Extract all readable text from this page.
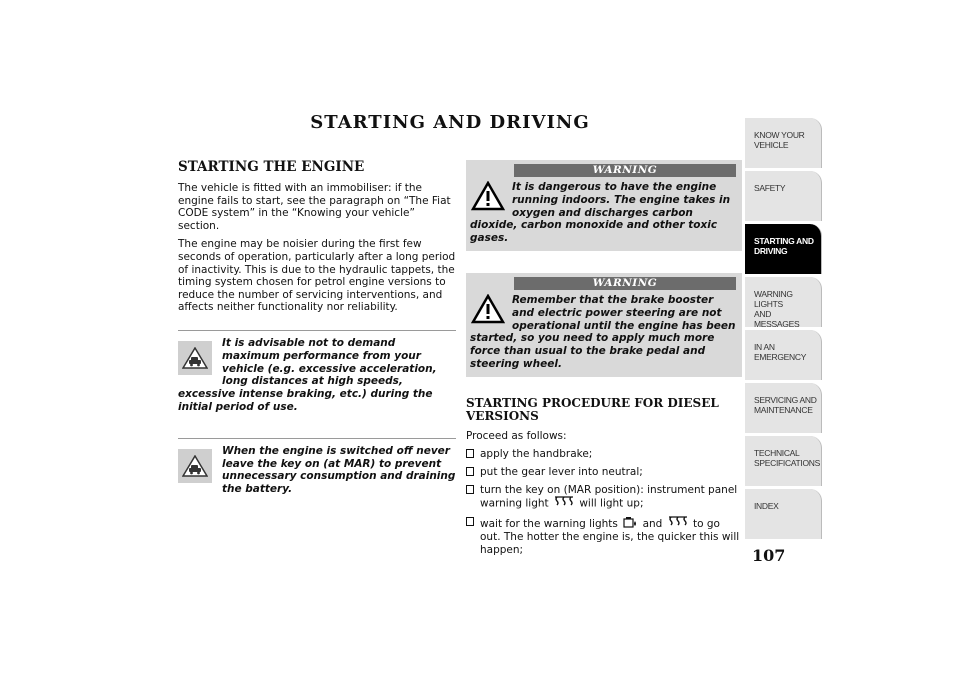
STARTING AND DRIVING
STARTING THE ENGINE

The vehicle is fitted with an immobiliser: if the engine fails to start, see the paragraph on “The Fiat CODE system” in the “Knowing your vehicle” section.

The engine may be noisier during the first few seconds of operation, particularly after a long period of inactivity. This is due to the hydraulic tappets, the timing system chosen for petrol engine versions to reduce the number of servicing interventions, and affects neither functionality nor reliability.

It is advisable not to demand maximum performance from your vehicle (e.g. excessive acceleration, long distances at high speeds, excessive intense braking, etc.) during the initial period of use.

When the engine is switched off never leave the key on (at MAR) to prevent unnecessary consumption and draining the battery.

WARNING

It is dangerous to have the engine running indoors. The engine takes in oxygen and discharges carbon dioxide, carbon monoxide and other toxic gases.

WARNING

Remember that the brake booster and electric power steering are not operational until the engine has been started, so you need to apply much more force than usual to the brake pedal and steering wheel.

STARTING PROCEDURE FOR DIESEL VERSIONS

Proceed as follows:

apply the handbrake;
put the gear lever into neutral;
turn the key on (MAR position): instrument panel warning light	will light up;
wait for the warning lights and	to go out. The hotter the engine is, the quicker this will happen;
KNOW YOUR
VEHICLE
SAFETY
STARTING AND
DRIVING
WARNING LIGHTS
AND MESSAGES
IN AN EMERGENCY
SERVICING AND
MAINTENANCE
TECHNICAL
SPECIFICATIONS
INDEX
107
